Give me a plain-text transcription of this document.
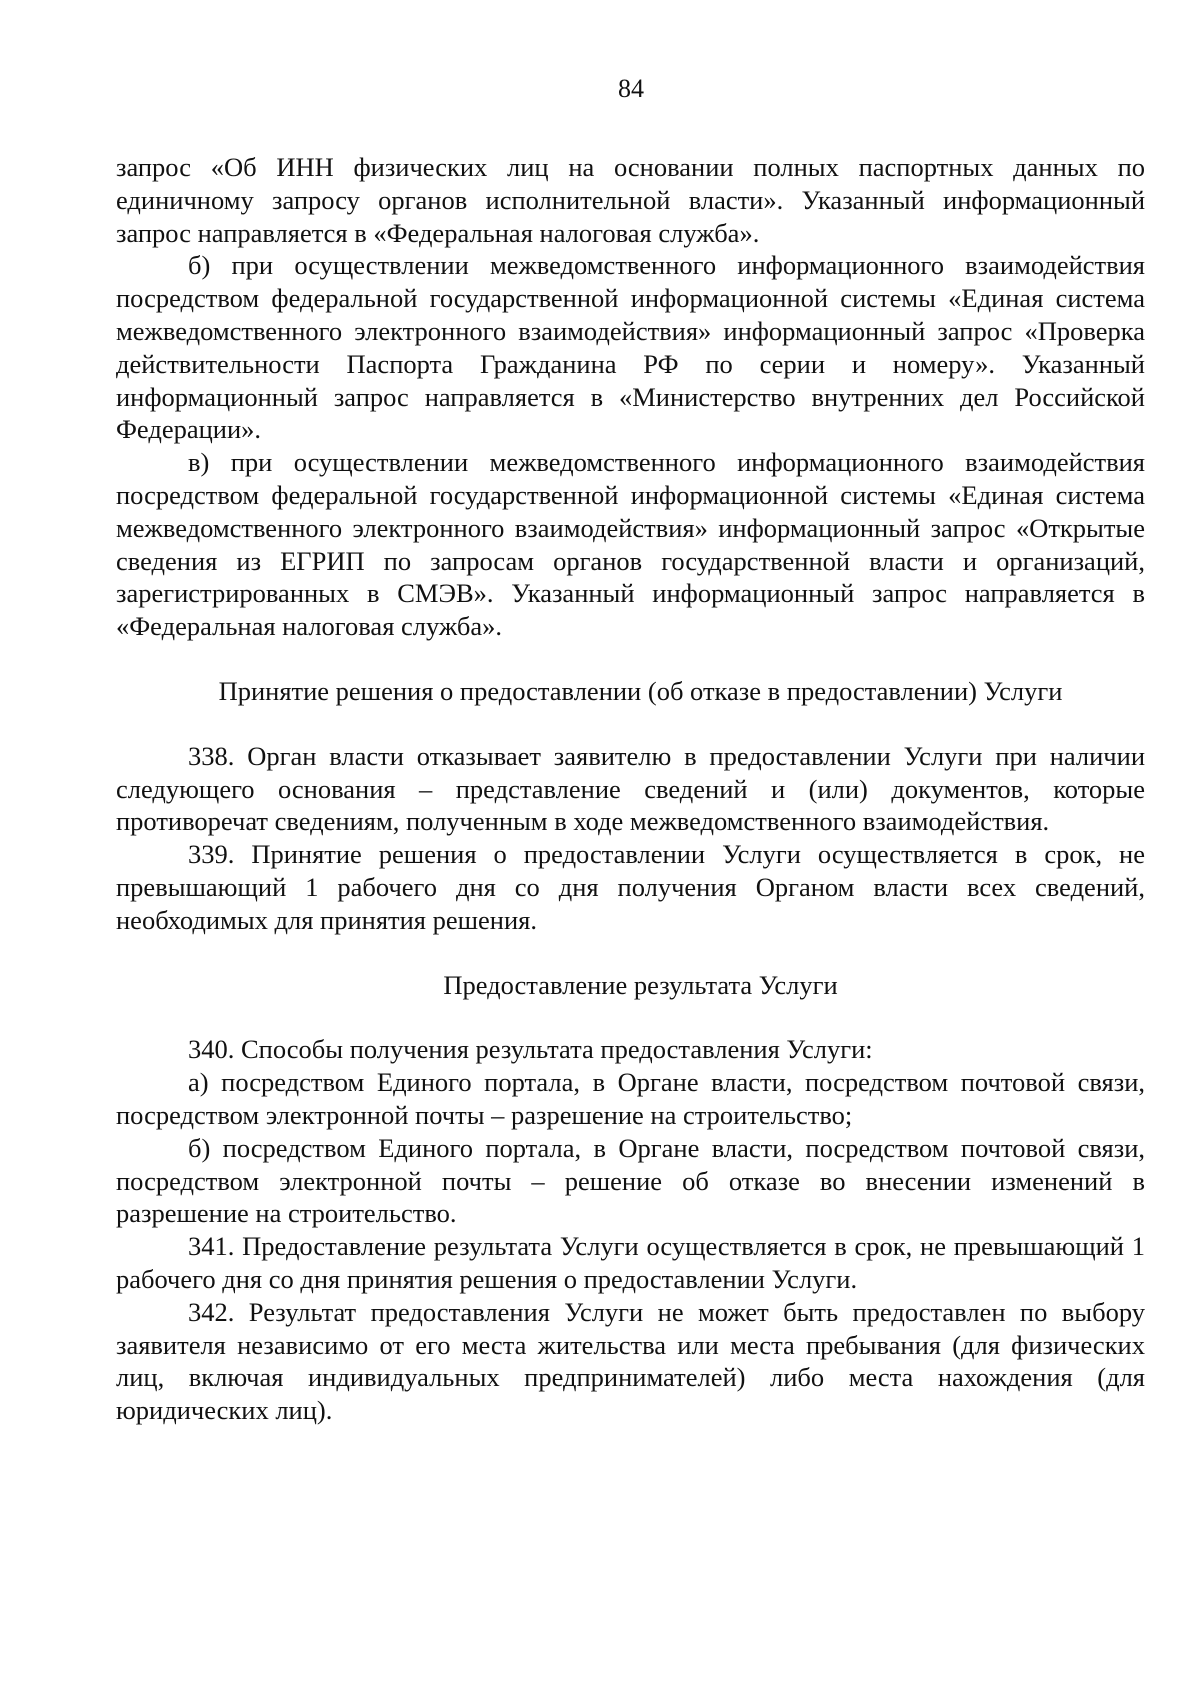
84

запрос «Об ИНН физических лиц на основании полных паспортных данных по единичному запросу органов исполнительной власти». Указанный информационный запрос направляется в «Федеральная налоговая служба».

б) при осуществлении межведомственного информационного взаимодействия посредством федеральной государственной информационной системы «Единая система межведомственного электронного взаимодействия» информационный запрос «Проверка действительности Паспорта Гражданина РФ по серии и номеру». Указанный информационный запрос направляется в «Министерство внутренних дел Российской Федерации».

в) при осуществлении межведомственного информационного взаимодействия посредством федеральной государственной информационной системы «Единая система межведомственного электронного взаимодействия» информационный запрос «Открытые сведения из ЕГРИП по запросам органов государственной власти и организаций, зарегистрированных в СМЭВ». Указанный информационный запрос направляется в «Федеральная налоговая служба».

Принятие решения о предоставлении (об отказе в предоставлении) Услуги

338. Орган власти отказывает заявителю в предоставлении Услуги при наличии следующего основания – представление сведений и (или) документов, которые противоречат сведениям, полученным в ходе межведомственного взаимодействия.

339. Принятие решения о предоставлении Услуги осуществляется в срок, не превышающий 1 рабочего дня со дня получения Органом власти всех сведений, необходимых для принятия решения.

Предоставление результата Услуги

340. Способы получения результата предоставления Услуги:

а) посредством Единого портала, в Органе власти, посредством почтовой связи, посредством электронной почты – разрешение на строительство;

б) посредством Единого портала, в Органе власти, посредством почтовой связи, посредством электронной почты – решение об отказе во внесении изменений в разрешение на строительство.

341. Предоставление результата Услуги осуществляется в срок, не превышающий 1 рабочего дня со дня принятия решения о предоставлении Услуги.

342. Результат предоставления Услуги не может быть предоставлен по выбору заявителя независимо от его места жительства или места пребывания (для физических лиц, включая индивидуальных предпринимателей) либо места нахождения (для юридических лиц).
